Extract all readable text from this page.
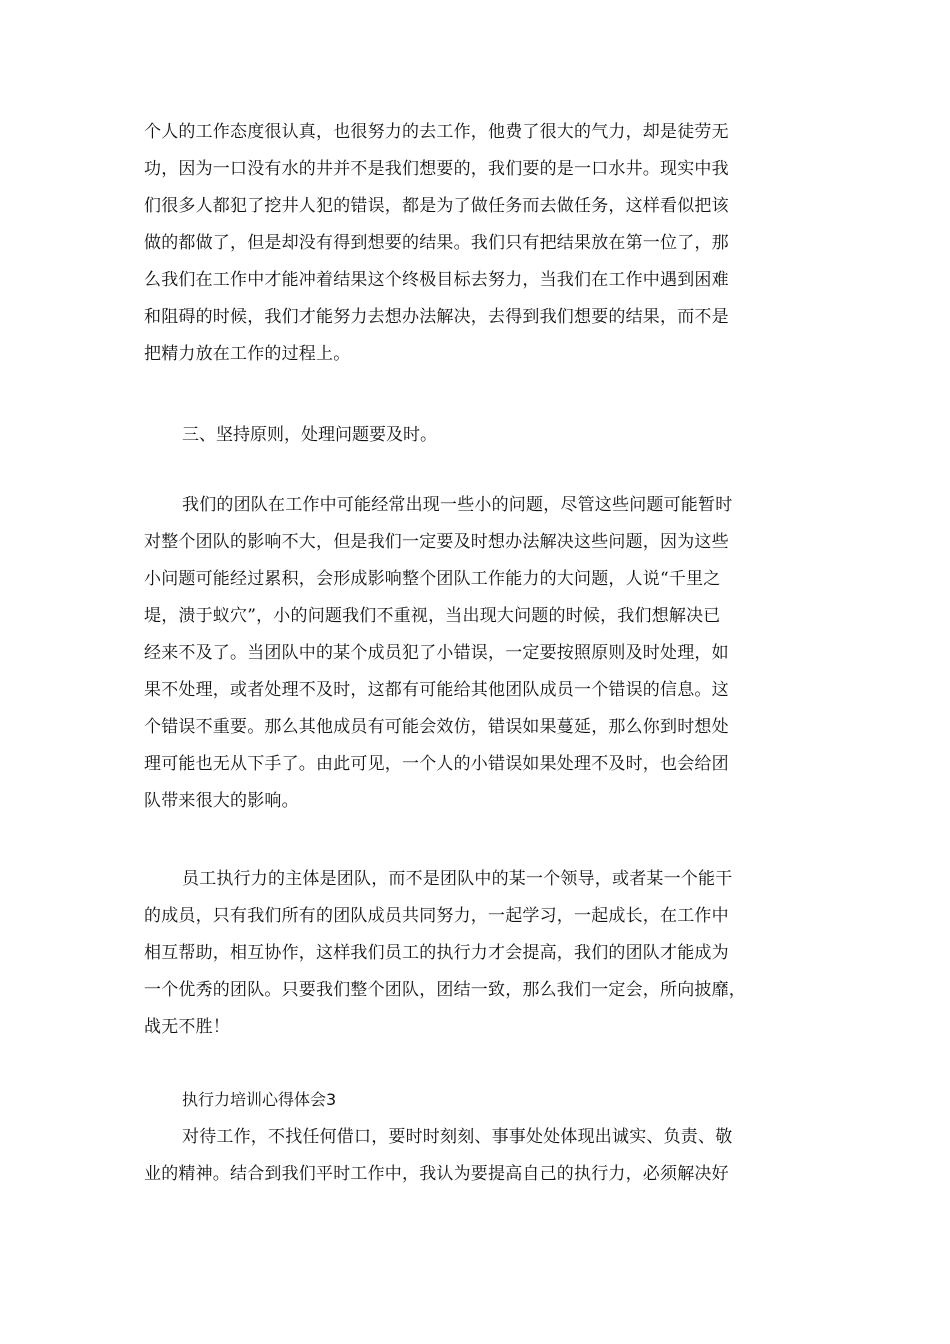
个人的工作态度很认真，也很努力的去工作，他费了很大的气力，却是徒劳无
功，因为一口没有水的井并不是我们想要的，我们要的是一口水井。现实中我
们很多人都犯了挖井人犯的错误，都是为了做任务而去做任务，这样看似把该
做的都做了，但是却没有得到想要的结果。我们只有把结果放在第一位了，那
么我们在工作中才能冲着结果这个终极目标去努力，当我们在工作中遇到困难
和阻碍的时候，我们才能努力去想办法解决，去得到我们想要的结果，而不是
把精力放在工作的过程上。
三、坚持原则，处理问题要及时。
我们的团队在工作中可能经常出现一些小的问题，尽管这些问题可能暂时
对整个团队的影响不大，但是我们一定要及时想办法解决这些问题，因为这些
小问题可能经过累积，会形成影响整个团队工作能力的大问题，人说“千里之
堤，溃于蚁穴”，小的问题我们不重视，当出现大问题的时候，我们想解决已
经来不及了。当团队中的某个成员犯了小错误，一定要按照原则及时处理，如
果不处理，或者处理不及时，这都有可能给其他团队成员一个错误的信息。这
个错误不重要。那么其他成员有可能会效仿，错误如果蔓延，那么你到时想处
理可能也无从下手了。由此可见，一个人的小错误如果处理不及时，也会给团
队带来很大的影响。
员工执行力的主体是团队，而不是团队中的某一个领导，或者某一个能干
的成员，只有我们所有的团队成员共同努力，一起学习，一起成长，在工作中
相互帮助，相互协作，这样我们员工的执行力才会提高，我们的团队才能成为
一个优秀的团队。只要我们整个团队，团结一致，那么我们一定会，所向披靡，
战无不胜！
执行力培训心得体会3
对待工作，不找任何借口，要时时刻刻、事事处处体现出诚实、负责、敬
业的精神。结合到我们平时工作中，我认为要提高自己的执行力，必须解决好
